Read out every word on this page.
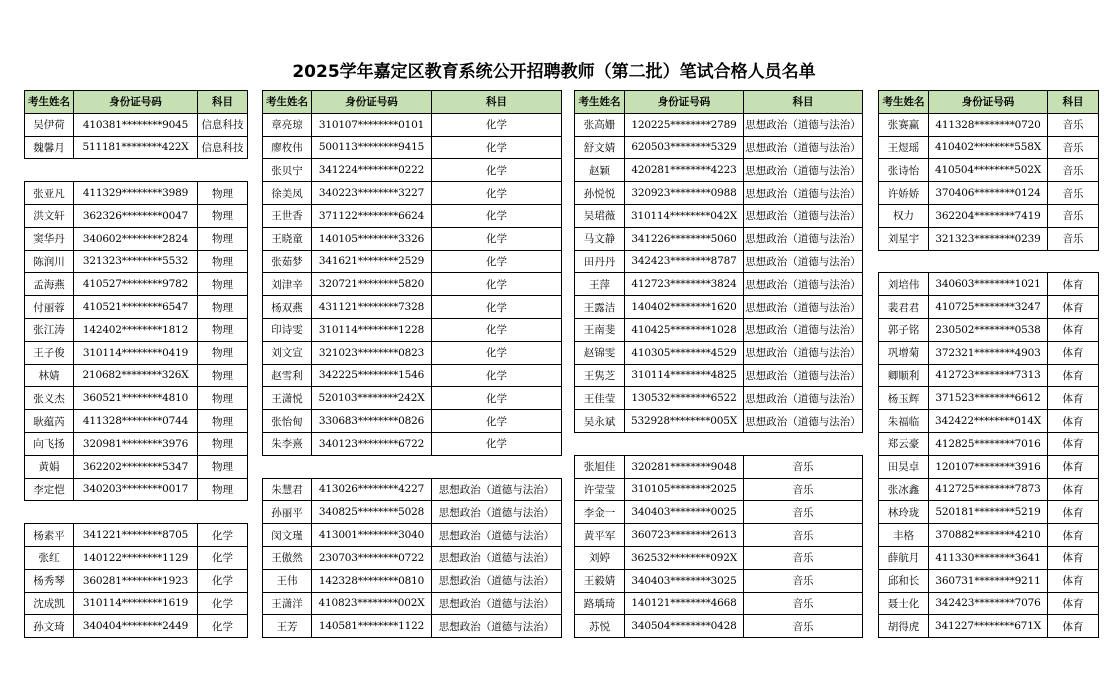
2025学年嘉定区教育系统公开招聘教师（第二批）笔试合格人员名单
考生姓名	身份证号码	科目
吴伊荷	410381********9045	信息科技
魏馨月	511181********422X	信息科技

张亚凡	411329********3989	物理
洪文轩	362326********0047	物理
窦华丹	340602********2824	物理
陈润川	321323********5532	物理
孟海燕	410527********9782	物理
付丽蓉	410521********6547	物理
张江涛	142402********1812	物理
王子俊	310114********0419	物理
林婧	210682********326X	物理
张义杰	360521********4810	物理
耿蕴芮	411328********0744	物理
向飞扬	320981********3976	物理
黄娟	362202********5347	物理
李定恺	340203********0017	物理

杨素平	341221********8705	化学
张红	140122********1129	化学
杨秀琴	360281********1923	化学
沈成凯	310114********1619	化学
孙文琦	340404********2449	化学
考生姓名	身份证号码	科目
章亮琼	310107********0101	化学
廖枚伟	500113********9415	化学
张贝宁	341224********0222	化学
徐美凤	340223********3227	化学
王世香	371122********6624	化学
王晓童	140105********3326	化学
张茹梦	341621********2529	化学
刘津辛	320721********5820	化学
杨双燕	431121********7328	化学
印诗雯	310114********1228	化学
刘文宣	321023********0823	化学
赵雪利	342225********1546	化学
王潇悦	520103********242X	化学
张怡甸	330683********0826	化学
朱李熹	340123********6722	化学

朱慧君	413026********4227	思想政治（道德与法治）
孙丽平	340825********5028	思想政治（道德与法治）
闵文瑾	413001********3040	思想政治（道德与法治）
王傲然	230703********0722	思想政治（道德与法治）
王伟	142328********0810	思想政治（道德与法治）
王潇洋	410823********002X	思想政治（道德与法治）
王芳	140581********1122	思想政治（道德与法治）
考生姓名	身份证号码	科目
张高姗	120225********2789	思想政治（道德与法治）
舒文婧	620503********5329	思想政治（道德与法治）
赵颖	420281********4223	思想政治（道德与法治）
孙悦悦	320923********0988	思想政治（道德与法治）
吴珺薇	310114********042X	思想政治（道德与法治）
马文静	341226********5060	思想政治（道德与法治）
田丹丹	342423********8787	思想政治（道德与法治）
王萍	412723********3824	思想政治（道德与法治）
王露洁	140402********1620	思想政治（道德与法治）
王南斐	410425********1028	思想政治（道德与法治）
赵锦雯	410305********4529	思想政治（道德与法治）
王隽芝	310114********4825	思想政治（道德与法治）
王佳莹	130532********6522	思想政治（道德与法治）
吴永斌	532928********005X	思想政治（道德与法治）

张旭佳	320281********9048	音乐
许莹莹	310105********2025	音乐
李金一	340403********0025	音乐
黄平军	360723********2613	音乐
刘婷	362532********092X	音乐
王毅婧	340403********3025	音乐
路瑀琦	140121********4668	音乐
苏悦	340504********0428	音乐
考生姓名	身份证号码	科目
张赛赢	411328********0720	音乐
王煜瑶	410402********558X	音乐
张诗怡	410504********502X	音乐
许娇娇	370406********0124	音乐
权力	362204********7419	音乐
刘星宇	321323********0239	音乐

刘培伟	340603********1021	体育
裴君君	410725********3247	体育
郭子铭	230502********0538	体育
巩增菊	372321********4903	体育
卿顺利	412723********7313	体育
杨玉辉	371523********6612	体育
朱福临	342422********014X	体育
郑云豪	412825********7016	体育
田昊卓	120107********3916	体育
张冰鑫	412725********7873	体育
林玲珑	520181********5219	体育
丰格	370882********4210	体育
薛航月	411330********3641	体育
邱和长	360731********9211	体育
聂士化	342423********7076	体育
胡得虎	341227********671X	体育
